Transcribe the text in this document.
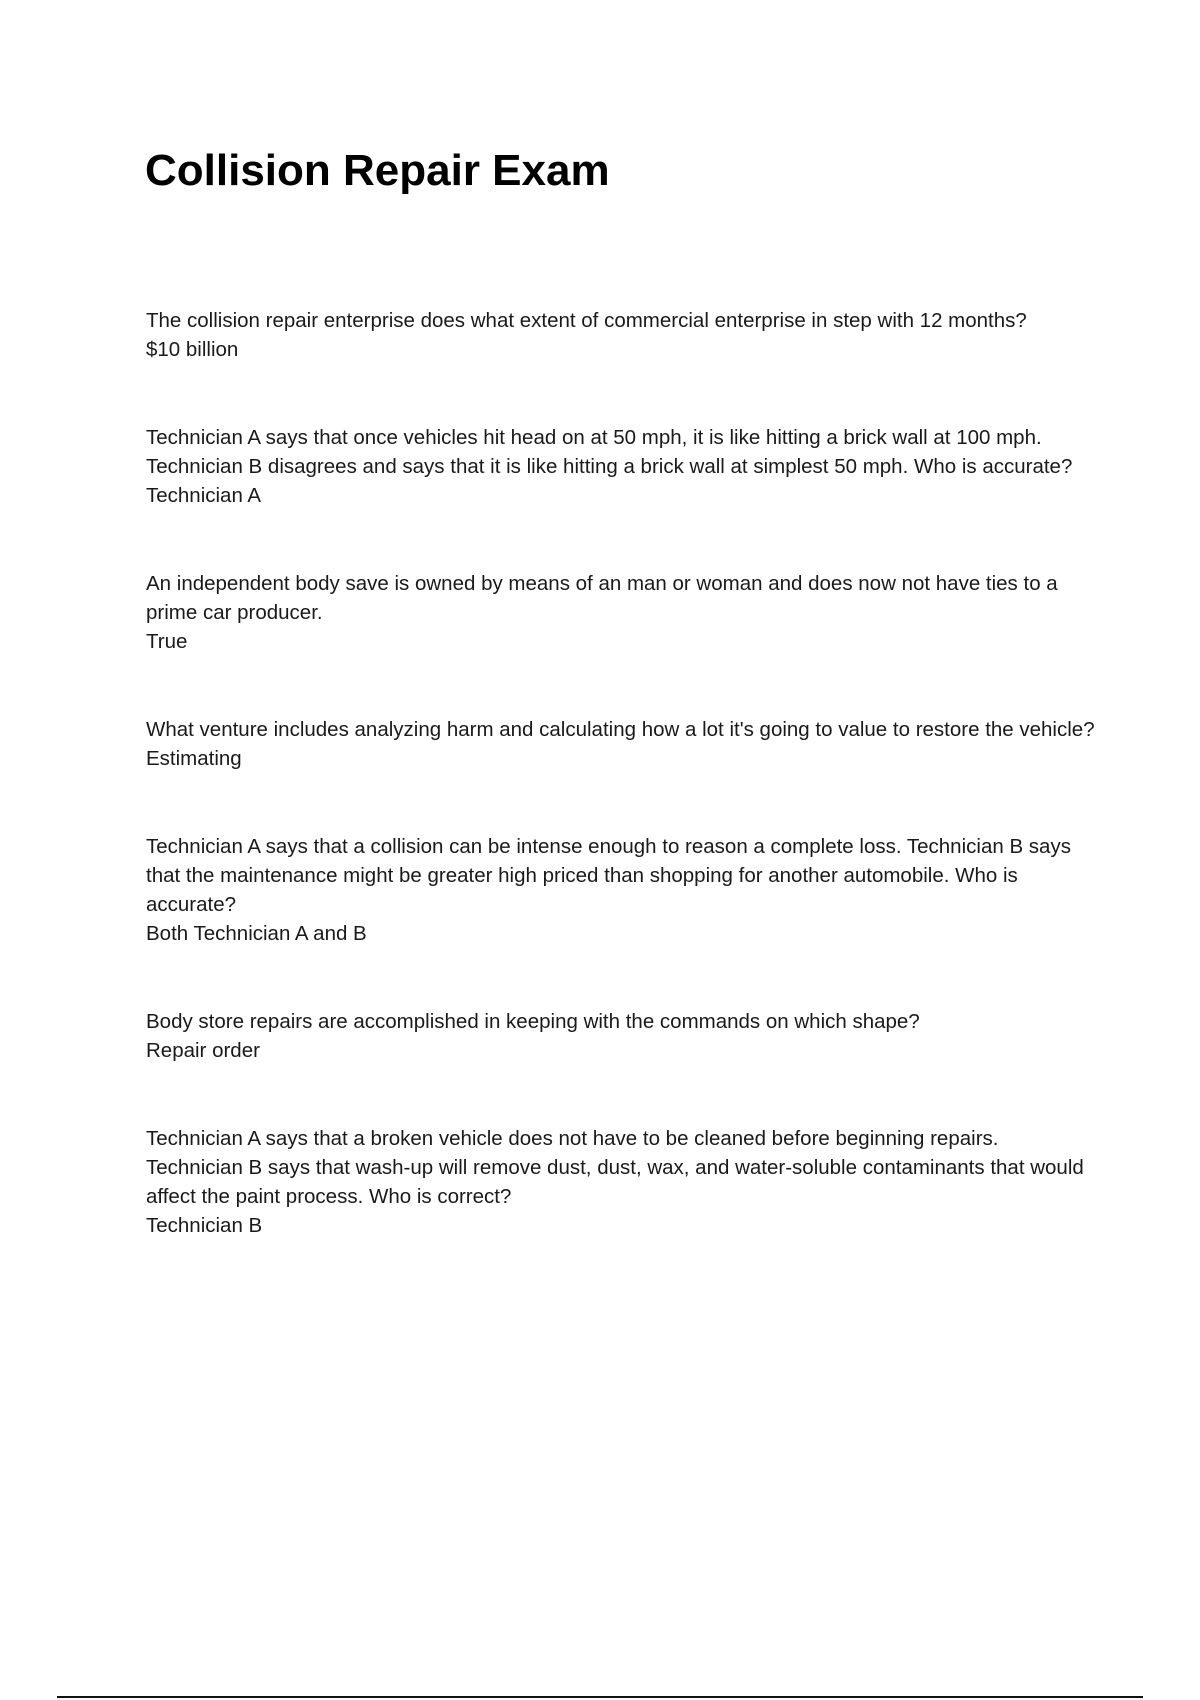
Collision Repair Exam

The collision repair enterprise does what extent of commercial enterprise in step with 12 months?

$10 billion

Technician A says that once vehicles hit head on at 50 mph, it is like hitting a brick wall at 100 mph. Technician B disagrees and says that it is like hitting a brick wall at simplest 50 mph. Who is accurate?

Technician A

An independent body save is owned by means of an man or woman and does now not have ties to a prime car producer.

True

What venture includes analyzing harm and calculating how a lot it's going to value to restore the vehicle?

Estimating

Technician A says that a collision can be intense enough to reason a complete loss. Technician B says that the maintenance might be greater high priced than shopping for another automobile. Who is accurate?

Both Technician A and B

Body store repairs are accomplished in keeping with the commands on which shape?

Repair order

Technician A says that a broken vehicle does not have to be cleaned before beginning repairs. Technician B says that wash-up will remove dust, dust, wax, and water-soluble contaminants that would affect the paint process. Who is correct?

Technician B
